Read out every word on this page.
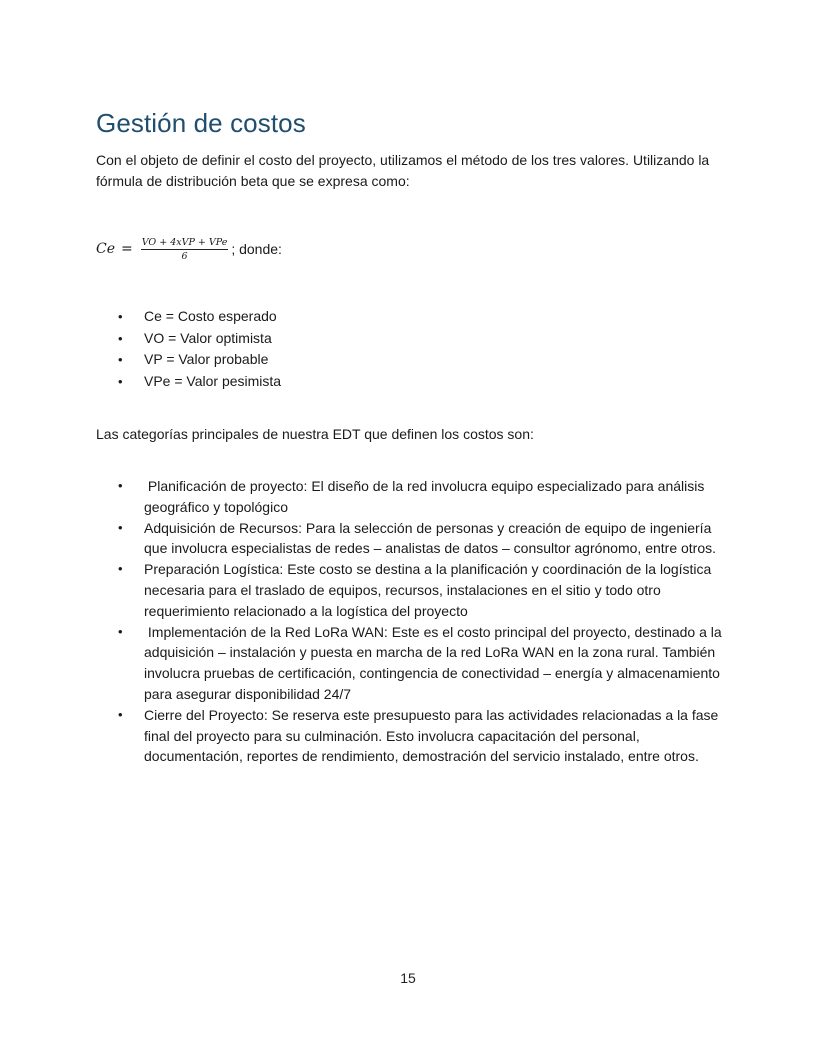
Gestión de costos

Con el objeto de definir el costo del proyecto, utilizamos el método de los tres valores. Utilizando la fórmula de distribución beta que se expresa como:

$Ce = \frac{\text{VO + 4xVP + VPe}}{6}$ ; donde:
• Ce = Costo esperado
• VO = Valor optimista
• VP = Valor probable
• VPe = Valor pesimista

Las categorías principales de nuestra EDT que definen los costos son:

• Planificación de proyecto: El diseño de la red involucra equipo especializado para análisis geográfico y topológico
• Adquisición de Recursos: Para la selección de personas y creación de equipo de ingeniería que involucra especialistas de redes – analistas de datos – consultor agrónomo, entre otros.
• Preparación Logística: Este costo se destina a la planificación y coordinación de la logística necesaria para el traslado de equipos, recursos, instalaciones en el sitio y todo otro requerimiento relacionado a la logística del proyecto
• Implementación de la Red LoRa WAN: Este es el costo principal del proyecto, destinado a la adquisición – instalación y puesta en marcha de la red LoRa WAN en la zona rural. También involucra pruebas de certificación, contingencia de conectividad – energía y almacenamiento para asegurar disponibilidad 24/7
• Cierre del Proyecto: Se reserva este presupuesto para las actividades relacionadas a la fase final del proyecto para su culminación. Esto involucra capacitación del personal, documentación, reportes de rendimiento, demostración del servicio instalado, entre otros.
15
